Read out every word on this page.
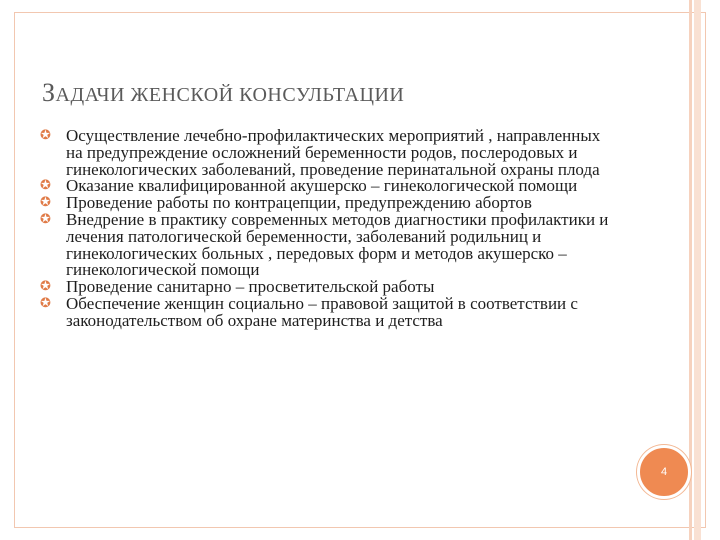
ЗАДАЧИ ЖЕНСКОЙ КОНСУЛЬТАЦИИ
✪ Осуществление лечебно-профилактических мероприятий , направленных на предупреждение осложнений беременности родов, послеродовых и гинекологических заболеваний, проведение перинатальной охраны плода
✪ Оказание квалифицированной акушерско – гинекологической помощи
✪ Проведение работы по контрацепции, предупреждению абортов
✪ Внедрение в практику современных методов диагностики профилактики и лечения патологической беременности, заболеваний родильниц и гинекологических больных , передовых форм и методов акушерско – гинекологической помощи
✪ Проведение санитарно – просветительской работы
✪ Обеспечение женщин социально – правовой защитой в соответствии с законодательством об охране материнства и детства
4
